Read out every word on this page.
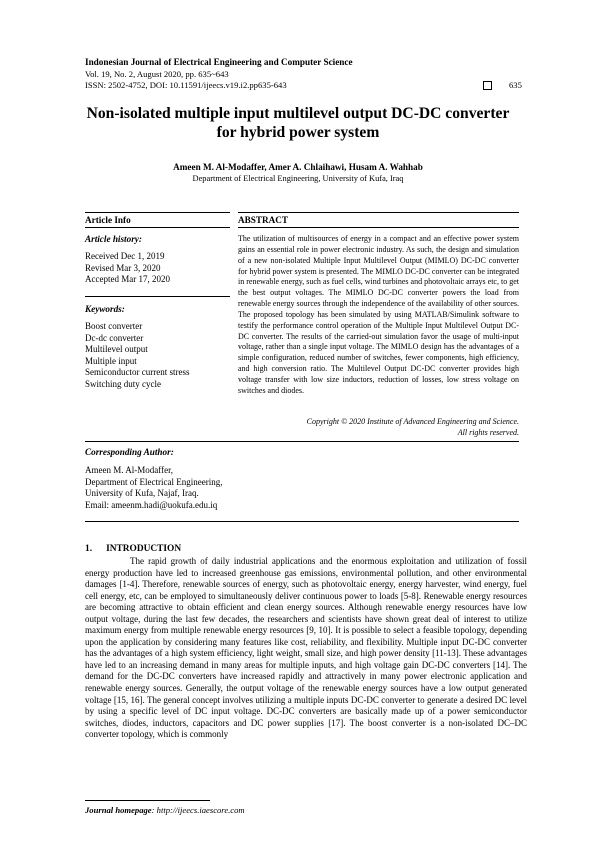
Indonesian Journal of Electrical Engineering and Computer Science
Vol. 19, No. 2, August 2020, pp. 635~643
ISSN: 2502-4752, DOI: 10.11591/ijeecs.v19.i2.pp635-643	635
Non-isolated multiple input multilevel output DC-DC converter
for hybrid power system
Ameen M. Al-Modaffer, Amer A. Chlaihawi, Husam A. Wahhab
Department of Electrical Engineering, University of Kufa, Iraq
Article Info	ABSTRACT
Article history:
Received Dec 1, 2019
Revised Mar 3, 2020
Accepted Mar 17, 2020
Keywords:
Boost converter
Dc-dc converter
Multilevel output
Multiple input
Semiconductor current stress
Switching duty cycle
The utilization of multisources of energy in a compact and an effective power system gains an essential role in power electronic industry. As such, the design and simulation of a new non-isolated Multiple Input Multilevel Output (MIMLO) DC-DC converter for hybrid power system is presented. The MIMLO DC-DC converter can be integrated in renewable energy, such as fuel cells, wind turbines and photovoltaic arrays etc, to get the best output voltages. The MIMLO DC-DC converter powers the load from renewable energy sources through the independence of the availability of other sources. The proposed topology has been simulated by using MATLAB/Simulink software to testify the performance control operation of the Multiple Input Multilevel Output DC-DC converter. The results of the carried-out simulation favor the usage of multi-input voltage, rather than a single input voltage. The MIMLO design has the advantages of a simple configuration, reduced number of switches, fewer components, high efficiency, and high conversion ratio. The Multilevel Output DC-DC converter provides high voltage transfer with low size inductors, reduction of losses, low stress voltage on switches and diodes.
Copyright © 2020 Institute of Advanced Engineering and Science.
All rights reserved.
Corresponding Author:
Ameen M. Al-Modaffer,
Department of Electrical Engineering,
University of Kufa, Najaf, Iraq.
Email: ameenm.hadi@uokufa.edu.iq
1.      INTRODUCTION
The rapid growth of daily industrial applications and the enormous exploitation and utilization of fossil energy production have led to increased greenhouse gas emissions, environmental pollution, and other environmental damages [1-4]. Therefore, renewable sources of energy, such as photovoltaic energy, energy harvester, wind energy, fuel cell energy, etc, can be employed to simultaneously deliver continuous power to loads [5-8]. Renewable energy resources are becoming attractive to obtain efficient and clean energy sources. Although renewable energy resources have low output voltage, during the last few decades, the researchers and scientists have shown great deal of interest to utilize maximum energy from multiple renewable energy resources [9, 10]. It is possible to select a feasible topology, depending upon the application by considering many features like cost, reliability, and flexibility. Multiple input DC-DC converter has the advantages of a high system efficiency, light weight, small size, and high power density [11-13]. These advantages have led to an increasing demand in many areas for multiple inputs, and high voltage gain DC-DC converters [14]. The demand for the DC-DC converters have increased rapidly and attractively in many power electronic application and renewable energy sources. Generally, the output voltage of the renewable energy sources have a low output generated voltage [15, 16]. The general concept involves utilizing a multiple inputs DC-DC converter to generate a desired DC level by using a specific level of DC input voltage. DC-DC converters are basically made up of a power semiconductor switches, diodes, inductors, capacitors and DC power supplies [17]. The boost converter is a non-isolated DC–DC converter topology, which is commonly
Journal homepage: http://ijeecs.iaescore.com
